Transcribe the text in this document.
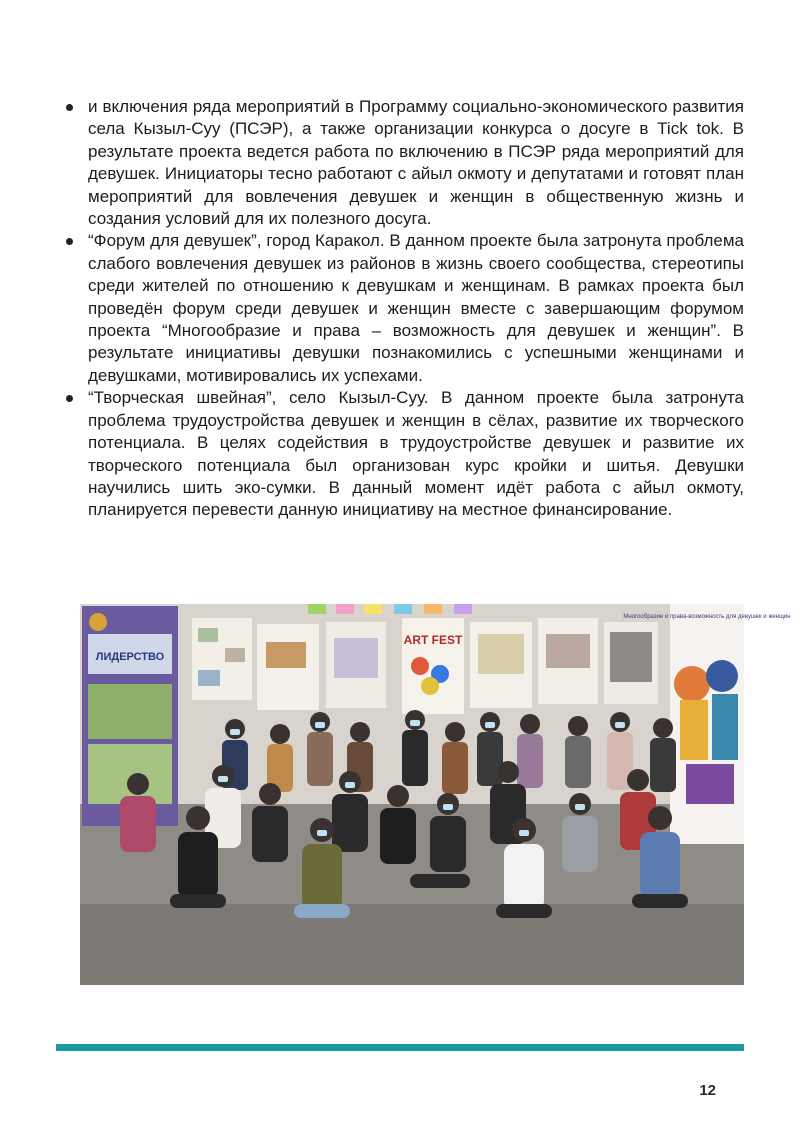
и включения ряда мероприятий в Программу социально-экономического развития села Кызыл-Суу (ПСЭР), а также организации конкурса о досуге в Tick tok. В результате проекта ведется работа по включению в ПСЭР ряда мероприятий для девушек. Инициаторы тесно работают с айыл окмоту и депутатами и готовят план мероприятий для вовлечения девушек и женщин в общественную жизнь и создания условий для их полезного досуга.
“Форум для девушек”, город Каракол. В данном проекте была затронута проблема слабого вовлечения девушек из районов в жизнь своего сообщества, стереотипы среди жителей по отношению к девушкам и женщинам. В рамках проекта был проведён форум среди девушек и женщин вместе с завершающим форумом проекта “Многообразие и права – возможность для девушек и женщин”. В результате инициативы девушки познакомились с успешными женщинами и девушками, мотивировались их успехами.
“Творческая швейная”, село Кызыл-Суу. В данном проекте была затронута проблема трудоустройства девушек и женщин в сёлах, развитие их творческого потенциала. В целях содействия в трудоустройстве девушек и развитие их творческого потенциала был организован курс кройки и шитья. Девушки научились шить эко-сумки. В данный момент идёт работа с айыл окмоту, планируется перевести данную инициативу на местное финансирование.
ЛИДЕРСТВО
ART FEST
Многообразие и права-возможность для девушек и женщин
12
